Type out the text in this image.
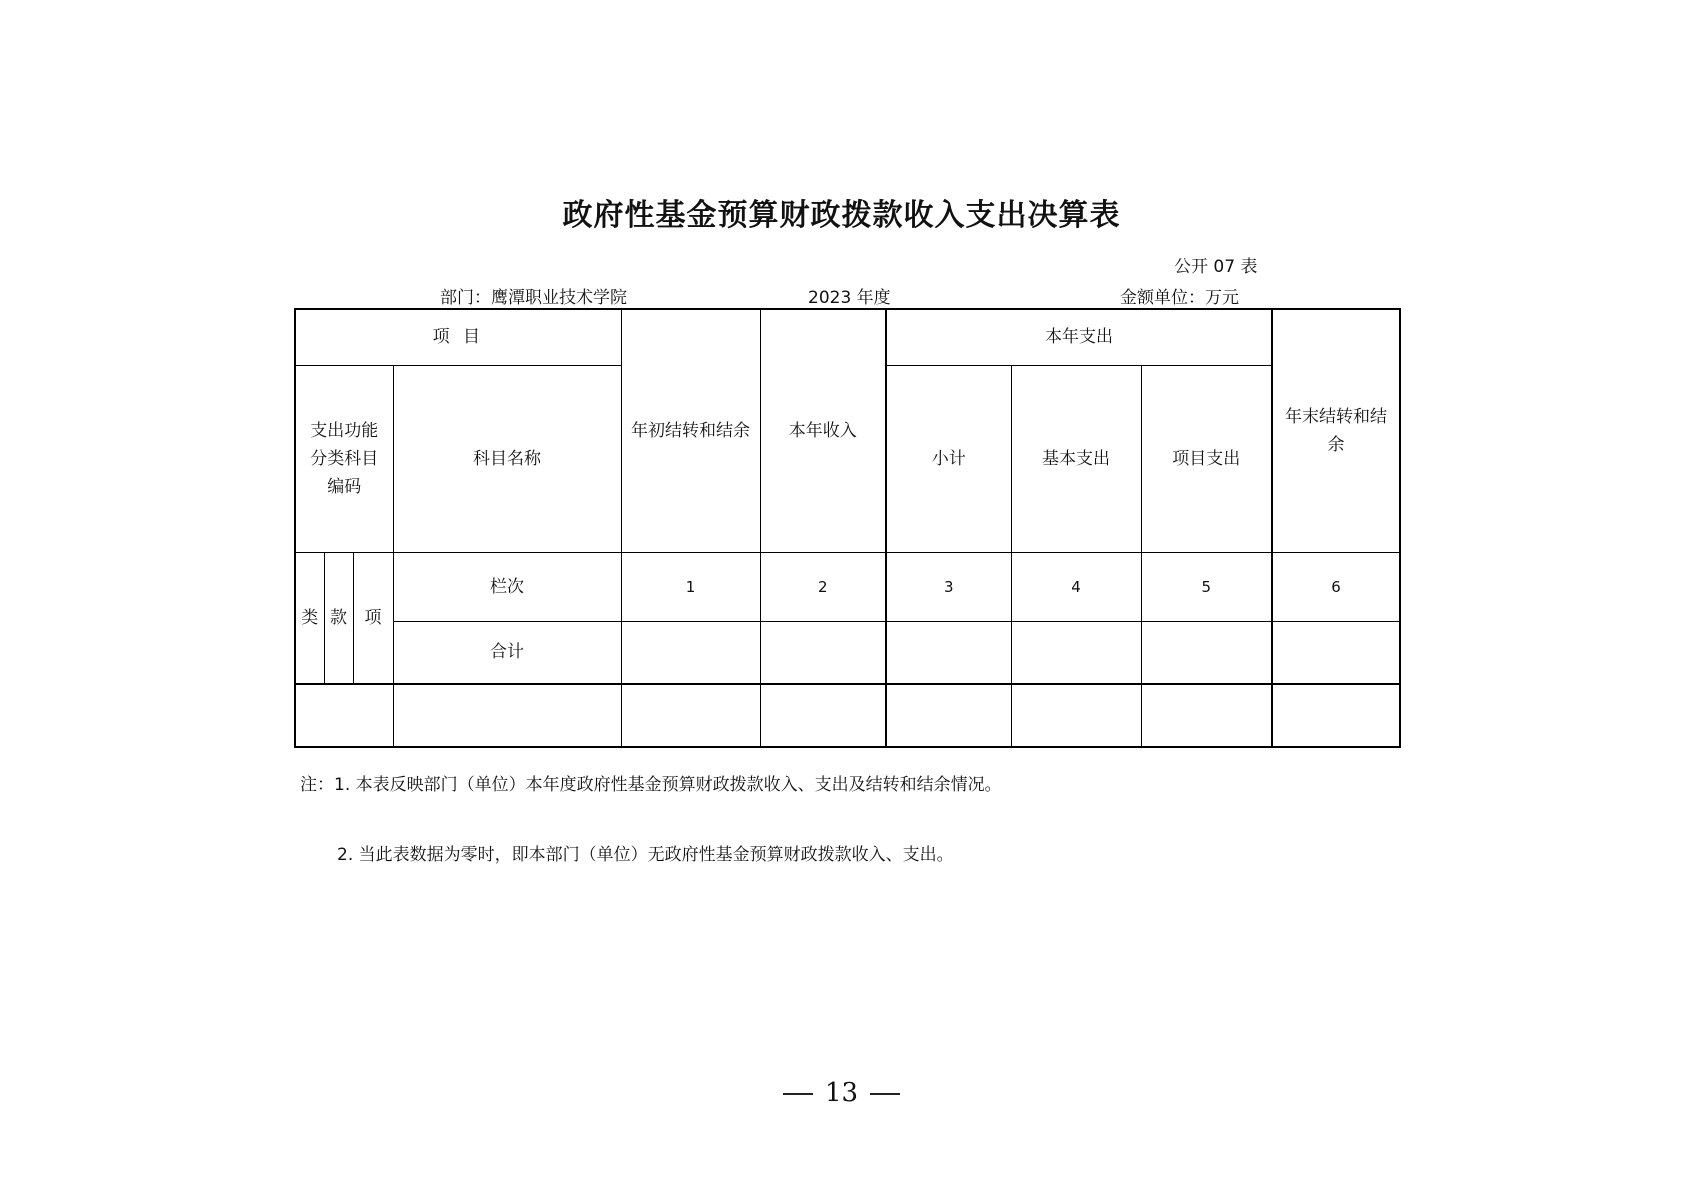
政府性基金预算财政拨款收入支出决算表
公开 07 表
部门：鹰潭职业技术学院	2023 年度	金额单位：万元
项 目				年初结转和结余	本年收入	本年支出			年末结转和结余
支出功能分类科目编码			科目名称			小计	基本支出	项目支出	
类	款	项	栏次	1	2	3	4	5	6
			合计						

注：1. 本表反映部门（单位）本年度政府性基金预算财政拨款收入、支出及结转和结余情况。
2. 当此表数据为零时，即本部门（单位）无政府性基金预算财政拨款收入、支出。
13
